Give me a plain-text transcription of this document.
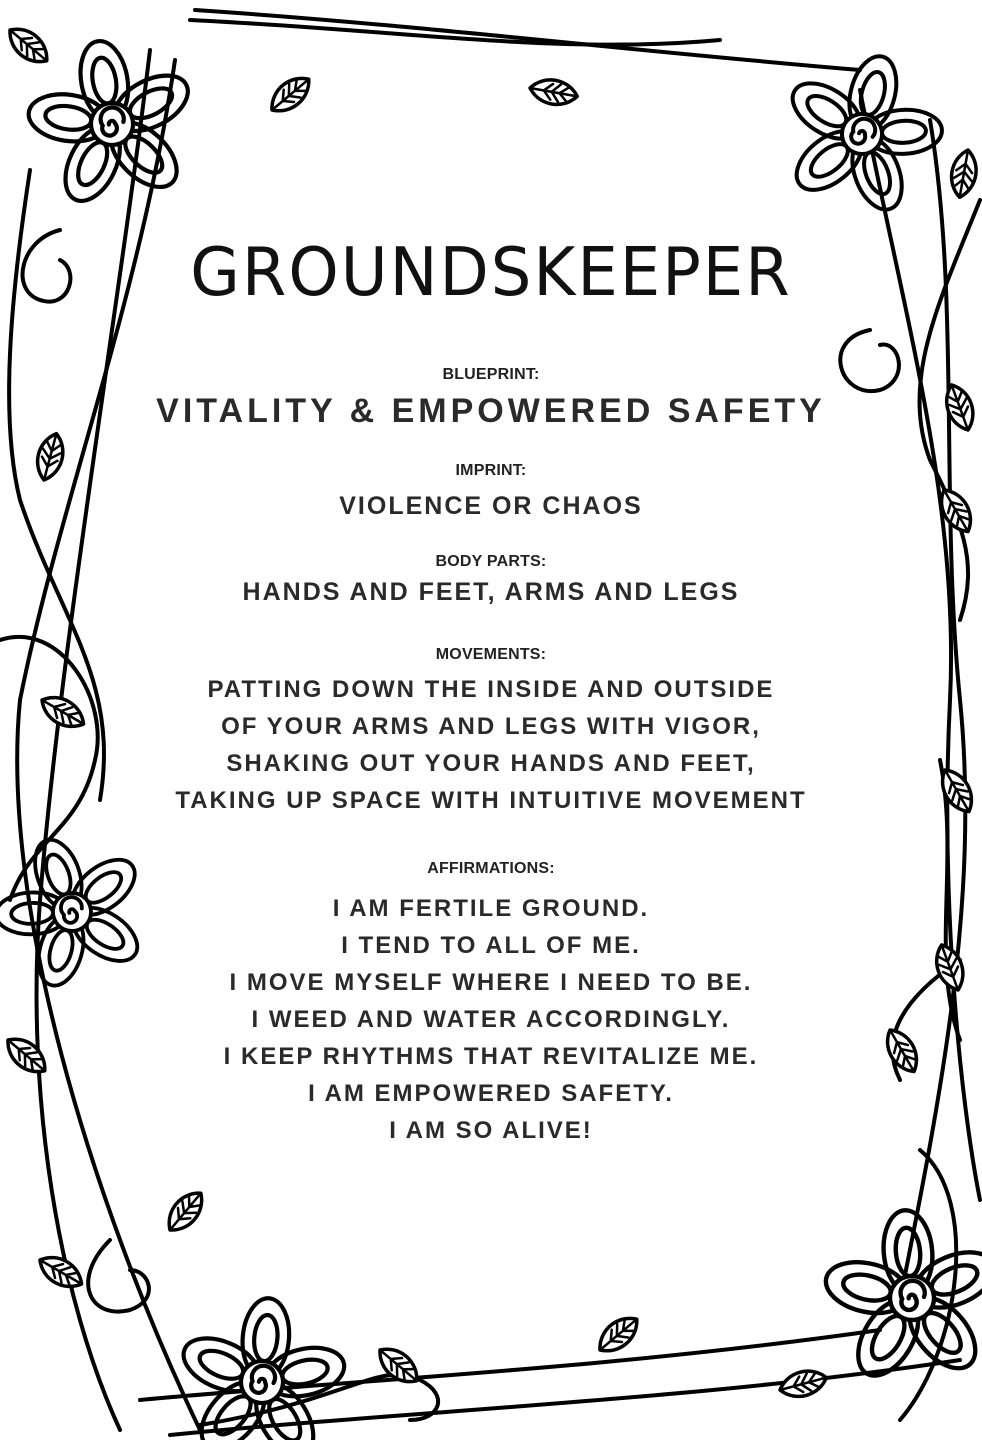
GROUNDSKEEPER
BLUEPRINT:
VITALITY & EMPOWERED SAFETY
IMPRINT:
VIOLENCE OR CHAOS
BODY PARTS:
HANDS AND FEET, ARMS AND LEGS
MOVEMENTS:
PATTING DOWN THE INSIDE AND OUTSIDE
OF YOUR ARMS AND LEGS WITH VIGOR,
SHAKING OUT YOUR HANDS AND FEET,
TAKING UP SPACE WITH INTUITIVE MOVEMENT
AFFIRMATIONS:
I AM FERTILE GROUND.
I TEND TO ALL OF ME.
I MOVE MYSELF WHERE I NEED TO BE.
I WEED AND WATER ACCORDINGLY.
I KEEP RHYTHMS THAT REVITALIZE ME.
I AM EMPOWERED SAFETY.
I AM SO ALIVE!
